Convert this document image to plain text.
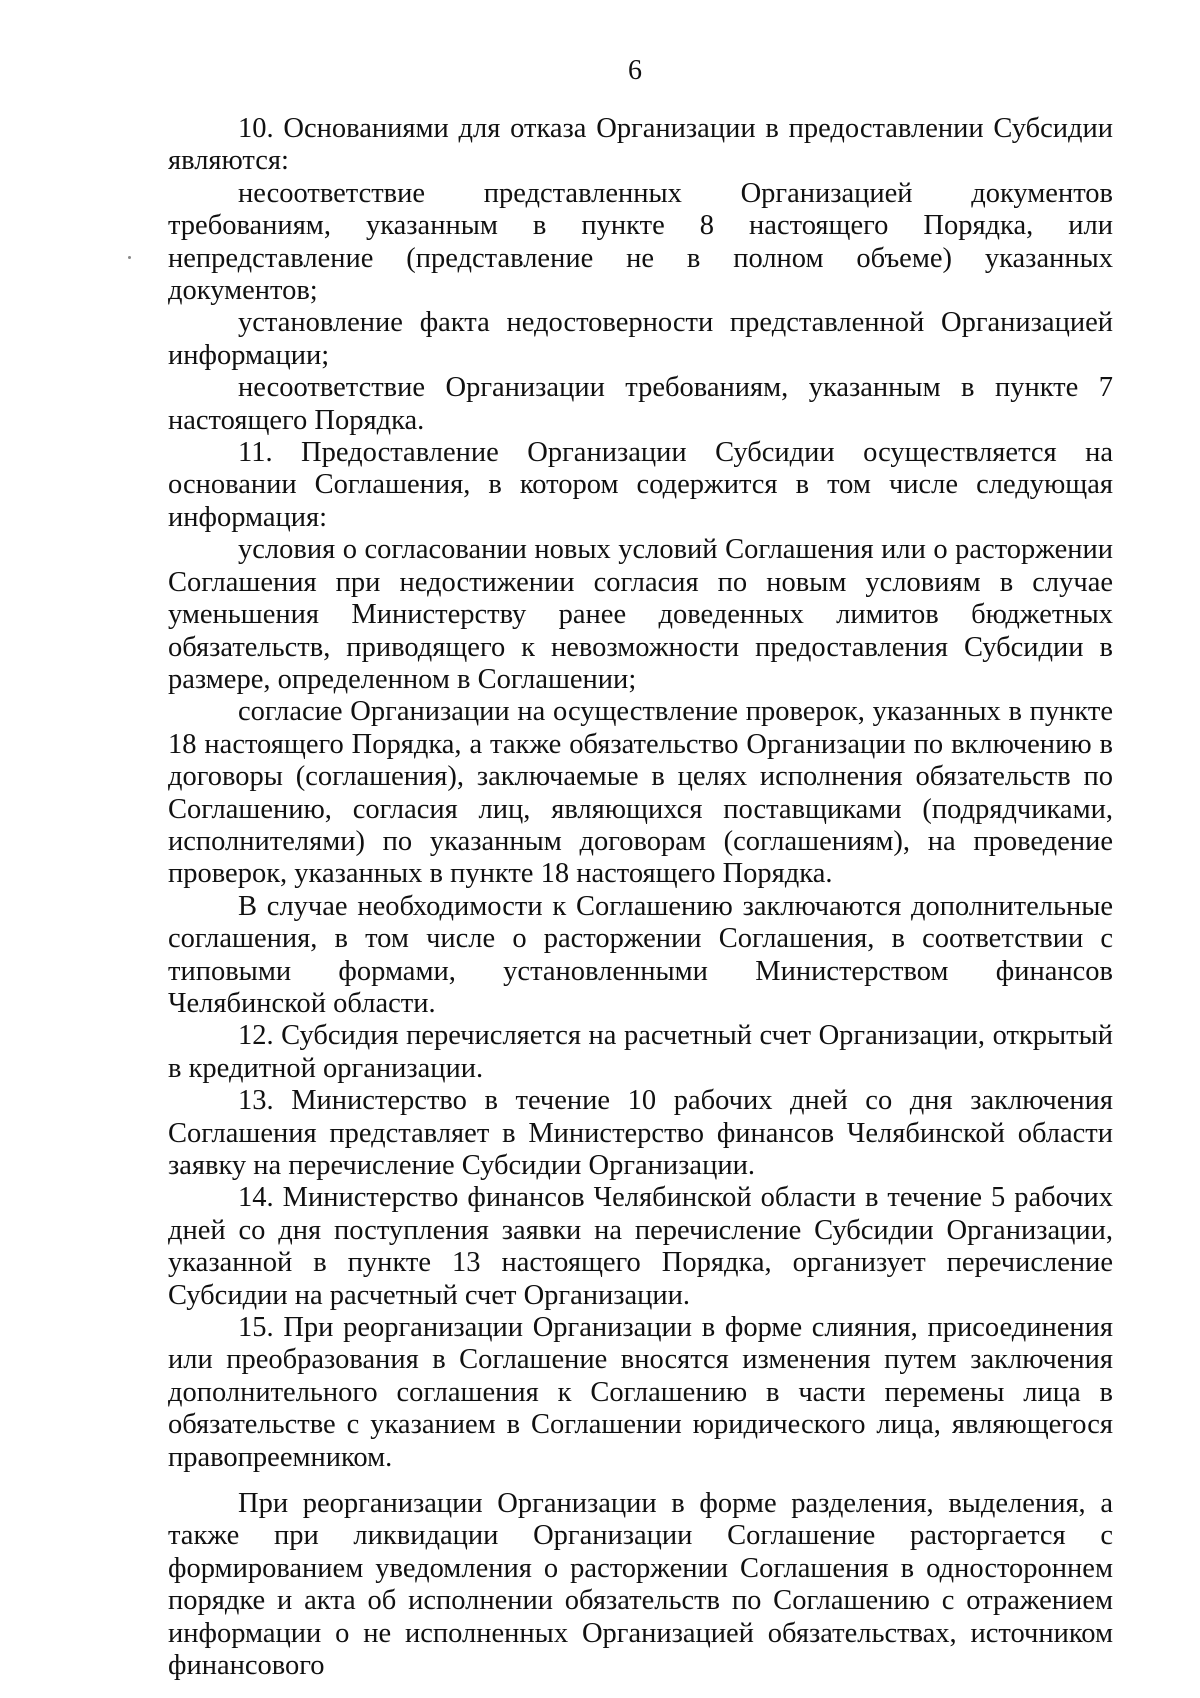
6

10. Основаниями для отказа Организации в предоставлении Субсидии являются:

несоответствие представленных Организацией документов требованиям, указанным в пункте 8 настоящего Порядка, или непредставление (представление не в полном объеме) указанных документов;

установление факта недостоверности представленной Организацией информации;

несоответствие Организации требованиям, указанным в пункте 7 настоящего Порядка.

11. Предоставление Организации Субсидии осуществляется на основании Соглашения, в котором содержится в том числе следующая информация:

условия о согласовании новых условий Соглашения или о расторжении Соглашения при недостижении согласия по новым условиям в случае уменьшения Министерству ранее доведенных лимитов бюджетных обязательств, приводящего к невозможности предоставления Субсидии в размере, определенном в Соглашении;

согласие Организации на осуществление проверок, указанных в пункте 18 настоящего Порядка, а также обязательство Организации по включению в договоры (соглашения), заключаемые в целях исполнения обязательств по Соглашению, согласия лиц, являющихся поставщиками (подрядчиками, исполнителями) по указанным договорам (соглашениям), на проведение проверок, указанных в пункте 18 настоящего Порядка.

В случае необходимости к Соглашению заключаются дополнительные соглашения, в том числе о расторжении Соглашения, в соответствии с типовыми формами, установленными Министерством финансов Челябинской области.

12. Субсидия перечисляется на расчетный счет Организации, открытый в кредитной организации.

13. Министерство в течение 10 рабочих дней со дня заключения Соглашения представляет в Министерство финансов Челябинской области заявку на перечисление Субсидии Организации.

14. Министерство финансов Челябинской области в течение 5 рабочих дней со дня поступления заявки на перечисление Субсидии Организации, указанной в пункте 13 настоящего Порядка, организует перечисление Субсидии на расчетный счет Организации.

15. При реорганизации Организации в форме слияния, присоединения или преобразования в Соглашение вносятся изменения путем заключения дополнительного соглашения к Соглашению в части перемены лица в обязательстве с указанием в Соглашении юридического лица, являющегося правопреемником.

При реорганизации Организации в форме разделения, выделения, а также при ликвидации Организации Соглашение расторгается с формированием уведомления о расторжении Соглашения в одностороннем порядке и акта об исполнении обязательств по Соглашению с отражением информации о не исполненных Организацией обязательствах, источником финансового
